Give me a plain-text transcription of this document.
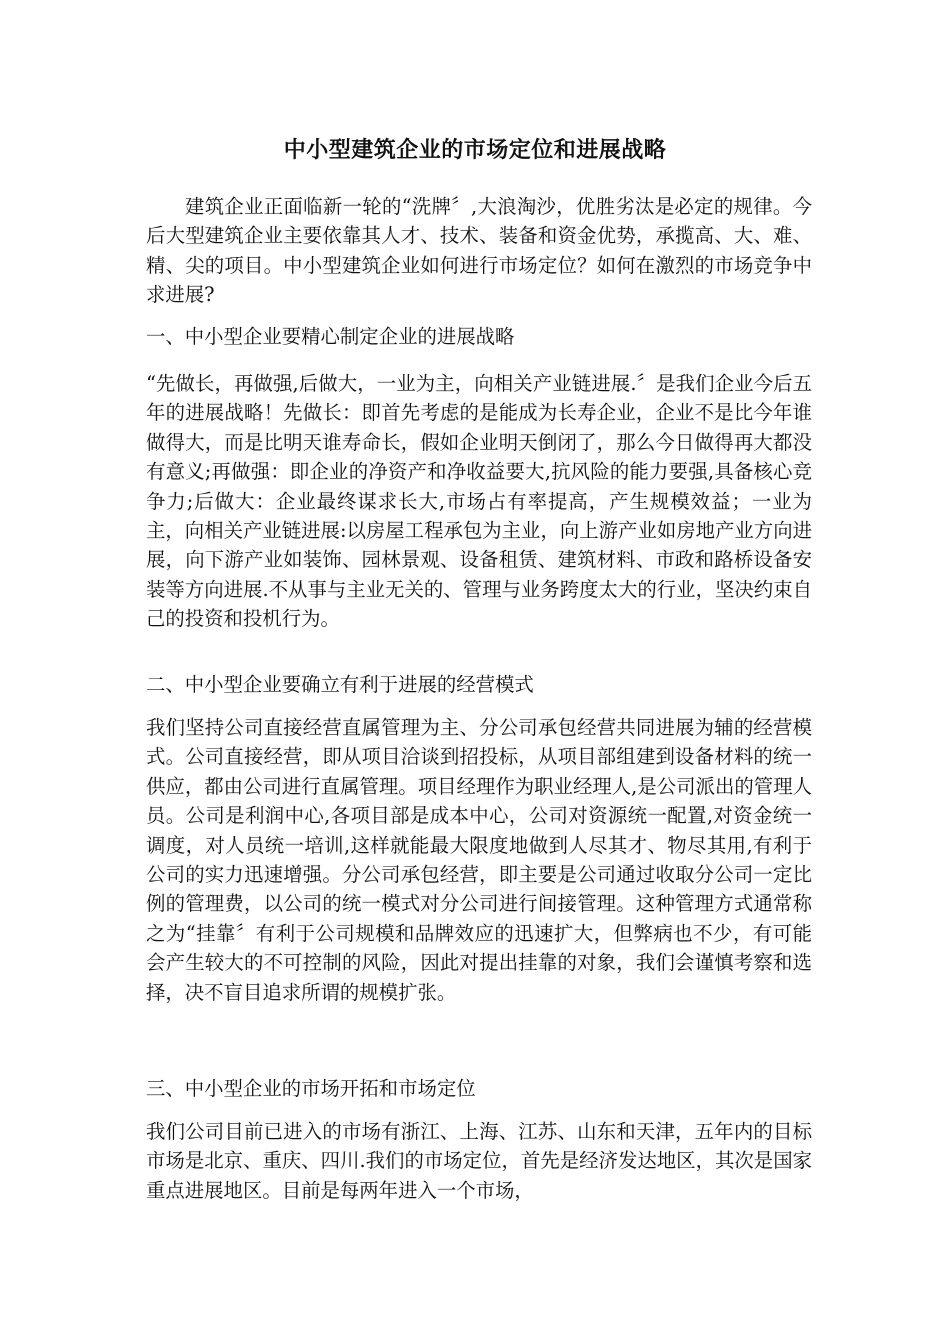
中小型建筑企业的市场定位和进展战略

建筑企业正面临新一轮的“洗牌〞,大浪淘沙，优胜劣汰是必定的规律。今后大型建筑企业主要依靠其人才、技术、装备和资金优势，承揽高、大、难、精、尖的项目。中小型建筑企业如何进行市场定位？如何在激烈的市场竞争中求进展?

一、中小型企业要精心制定企业的进展战略

“先做长，再做强,后做大，一业为主，向相关产业链进展.〞是我们企业今后五年的进展战略！先做长：即首先考虑的是能成为长寿企业，企业不是比今年谁做得大，而是比明天谁寿命长，假如企业明天倒闭了，那么今日做得再大都没有意义;再做强：即企业的净资产和净收益要大,抗风险的能力要强,具备核心竞争力;后做大：企业最终谋求长大,市场占有率提高，产生规模效益；一业为主，向相关产业链进展:以房屋工程承包为主业，向上游产业如房地产业方向进展，向下游产业如装饰、园林景观、设备租赁、建筑材料、市政和路桥设备安装等方向进展.不从事与主业无关的、管理与业务跨度太大的行业，坚决约束自己的投资和投机行为。

二、中小型企业要确立有利于进展的经营模式

我们坚持公司直接经营直属管理为主、分公司承包经营共同进展为辅的经营模式。公司直接经营，即从项目洽谈到招投标，从项目部组建到设备材料的统一供应，都由公司进行直属管理。项目经理作为职业经理人,是公司派出的管理人员。公司是利润中心,各项目部是成本中心，公司对资源统一配置,对资金统一调度，对人员统一培训,这样就能最大限度地做到人尽其才、物尽其用,有利于公司的实力迅速增强。分公司承包经营，即主要是公司通过收取分公司一定比例的管理费，以公司的统一模式对分公司进行间接管理。这种管理方式通常称之为“挂靠〞有利于公司规模和品牌效应的迅速扩大，但弊病也不少，有可能会产生较大的不可控制的风险，因此对提出挂靠的对象，我们会谨慎考察和选择，决不盲目追求所谓的规模扩张。

三、中小型企业的市场开拓和市场定位

我们公司目前已进入的市场有浙江、上海、江苏、山东和天津，五年内的目标市场是北京、重庆、四川.我们的市场定位，首先是经济发达地区，其次是国家重点进展地区。目前是每两年进入一个市场，
